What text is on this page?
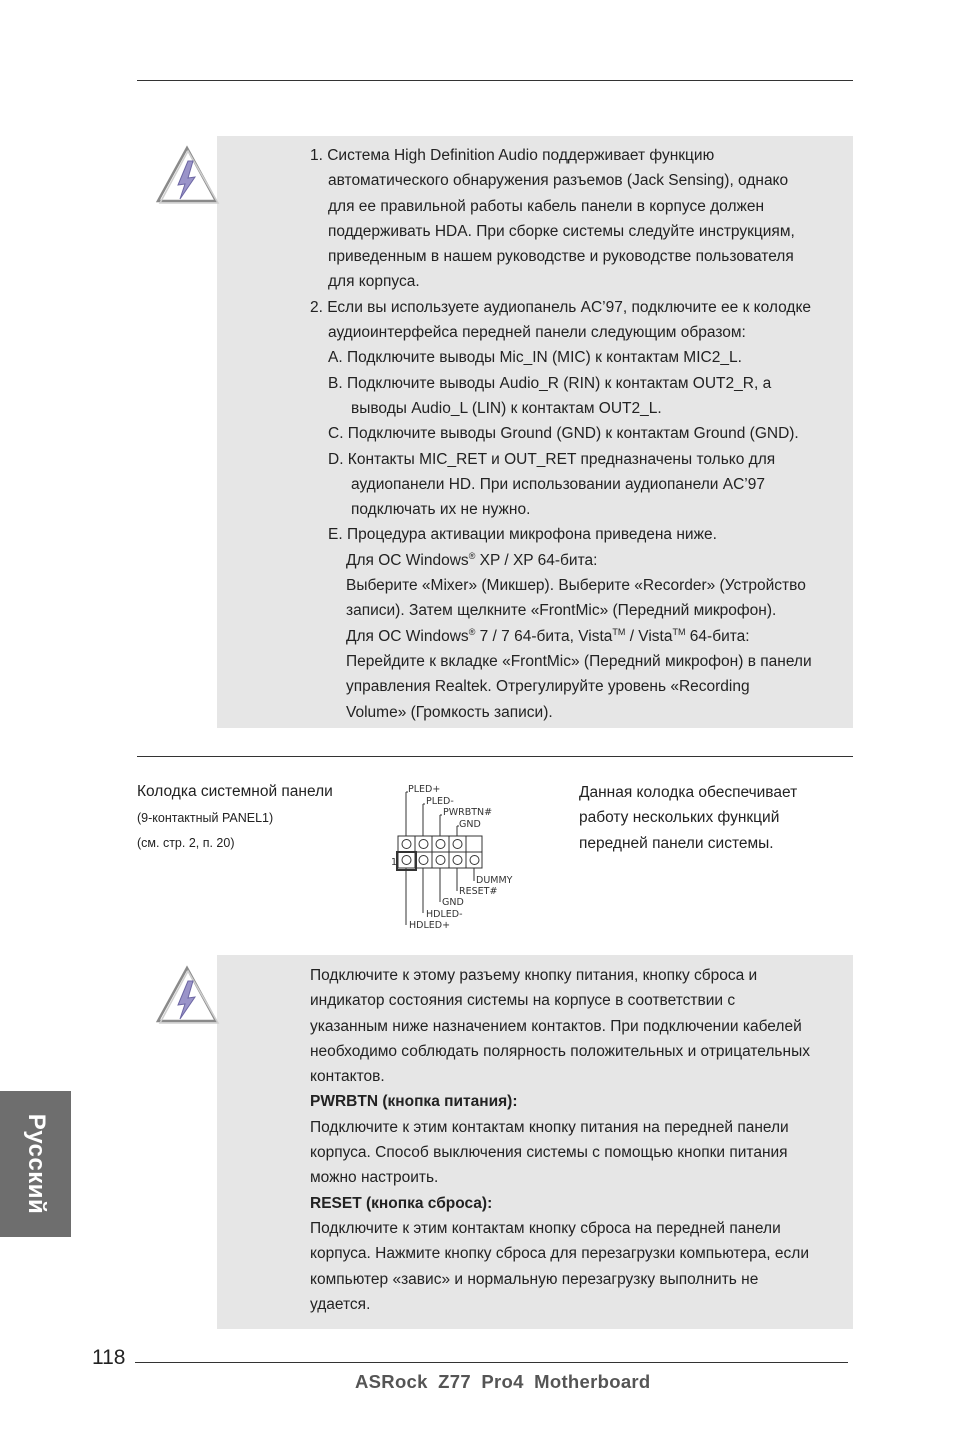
1. Система High Definition Audio поддерживает функцию
автоматического обнаружения разъемов (Jack Sensing), однако
для ее правильной работы кабель панели в корпусе должен
поддерживать HDA. При сборке системы следуйте инструкциям,
приведенным в нашем руководстве и руководстве пользователя
для корпуса.
2. Если вы используете аудиопанель AC’97, подключите ее к колодке
аудиоинтерфейса передней панели следующим образом:
A. Подключите выводы Mic_IN (MIC) к контактам MIC2_L.
B. Подключите выводы Audio_R (RIN) к контактам OUT2_R, а
выводы Audio_L (LIN) к контактам OUT2_L.
C. Подключите выводы Ground (GND) к контактам Ground (GND).
D. Контакты MIC_RET и OUT_RET предназначены только для
аудиопанели HD. При использовании аудиопанели AC’97
подключать их не нужно.
E. Процедура активации микрофона приведена ниже.
Для ОС Windows® XP / XP 64-бита:
Выберите «Mixer» (Микшер). Выберите «Recorder» (Устройство
записи). Затем щелкните «FrontMic» (Передний микрофон).
Для ОС Windows® 7 / 7 64-бита, Vista™ / Vista™ 64-бита:
Перейдите к вкладке «FrontMic» (Передний микрофон) в панели
управления Realtek. Отрегулируйте уровень «Recording
Volume» (Громкость записи).
Колодка системной панели
(9-контактный PANEL1)
(см. стр. 2, п. 20)
Данная колодка обеспечивает
работу нескольких функций
передней панели системы.
PLED+
PLED-
PWRBTN#
GND
DUMMY
RESET#
GND
HDLED-
HDLED+
1
Подключите к этому разъему кнопку питания, кнопку сброса и
индикатор состояния системы на корпусе в соответствии с
указанным ниже назначением контактов. При подключении кабелей
необходимо соблюдать полярность положительных и отрицательных
контактов.
PWRBTN (кнопка питания):
Подключите к этим контактам кнопку питания на передней панели
корпуса. Способ выключения системы с помощью кнопки питания
можно настроить.
RESET (кнопка сброса):
Подключите к этим контактам кнопку сброса на передней панели
корпуса. Нажмите кнопку сброса для перезагрузки компьютера, если
компьютер «завис» и нормальную перезагрузку выполнить не
удается.
Русский
118
ASRock Z77 Pro4 Motherboard
